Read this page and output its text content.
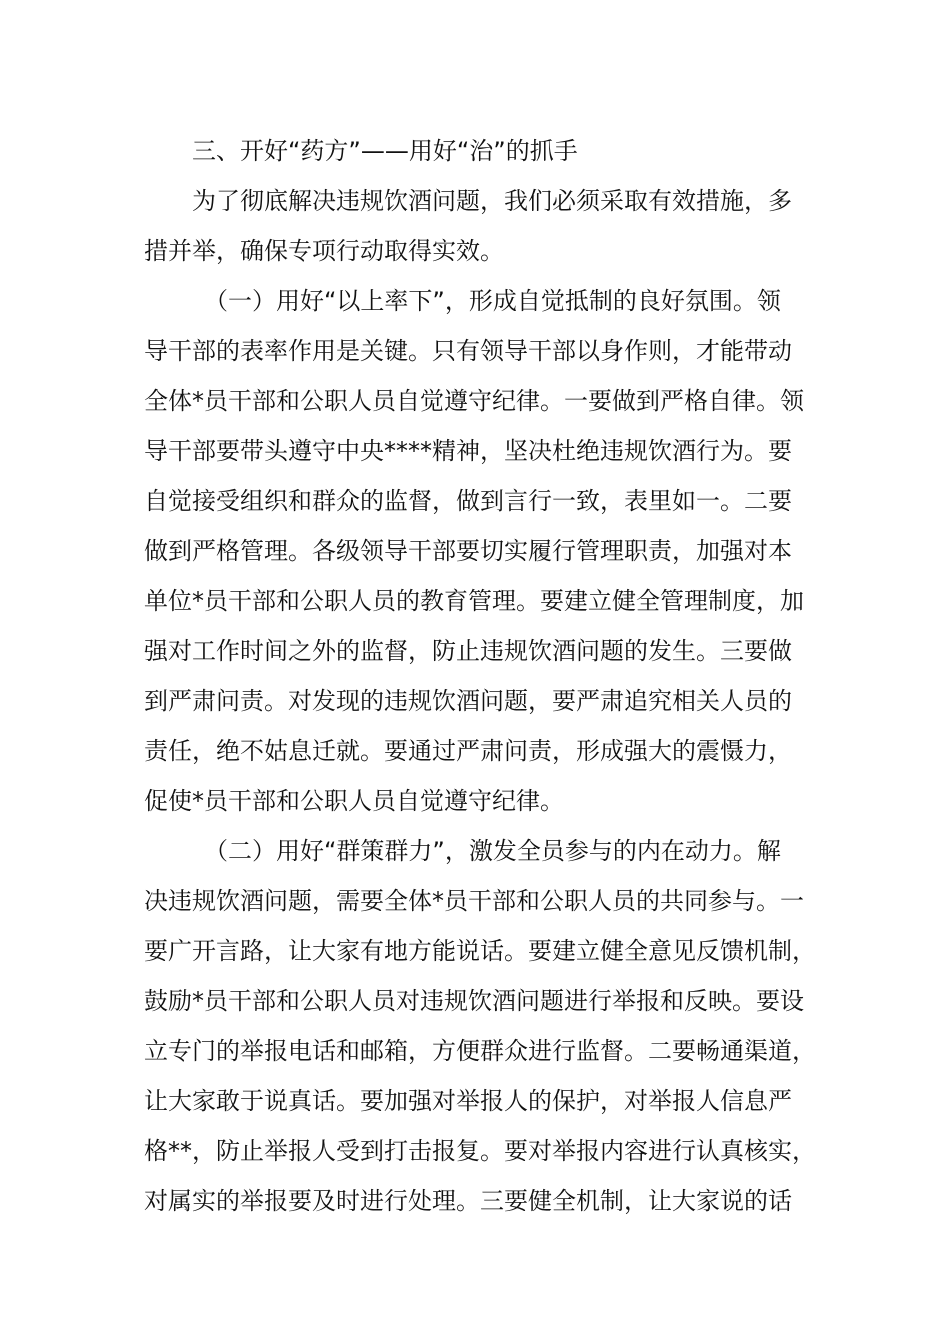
三、开好“药方”——用好“治”的抓手
为了彻底解决违规饮酒问题，我们必须采取有效措施，多
措并举，确保专项行动取得实效。
（一）用好“以上率下”，形成自觉抵制的良好氛围。领
导干部的表率作用是关键。只有领导干部以身作则，才能带动
全体*员干部和公职人员自觉遵守纪律。一要做到严格自律。领
导干部要带头遵守中央****精神，坚决杜绝违规饮酒行为。要
自觉接受组织和群众的监督，做到言行一致，表里如一。二要
做到严格管理。各级领导干部要切实履行管理职责，加强对本
单位*员干部和公职人员的教育管理。要建立健全管理制度，加
强对工作时间之外的监督，防止违规饮酒问题的发生。三要做
到严肃问责。对发现的违规饮酒问题，要严肃追究相关人员的
责任，绝不姑息迁就。要通过严肃问责，形成强大的震慑力，
促使*员干部和公职人员自觉遵守纪律。
（二）用好“群策群力”，激发全员参与的内在动力。解
决违规饮酒问题，需要全体*员干部和公职人员的共同参与。一
要广开言路，让大家有地方能说话。要建立健全意见反馈机制，
鼓励*员干部和公职人员对违规饮酒问题进行举报和反映。要设
立专门的举报电话和邮箱，方便群众进行监督。二要畅通渠道，
让大家敢于说真话。要加强对举报人的保护，对举报人信息严
格**，防止举报人受到打击报复。要对举报内容进行认真核实，
对属实的举报要及时进行处理。三要健全机制，让大家说的话
